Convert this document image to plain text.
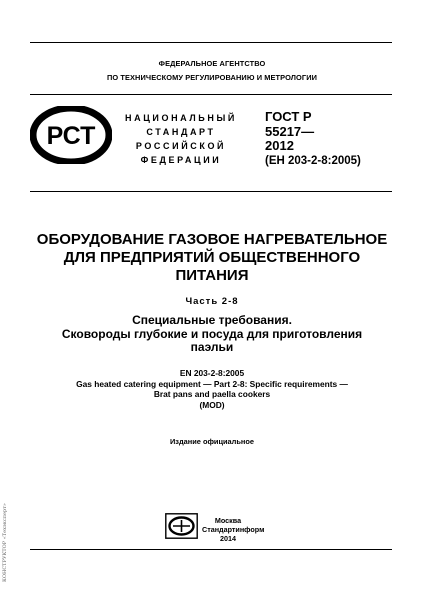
ФЕДЕРАЛЬНОЕ АГЕНТСТВО
ПО ТЕХНИЧЕСКОМУ РЕГУЛИРОВАНИЮ И МЕТРОЛОГИИ
РСТ
НАЦИОНАЛЬНЫЙ
СТАНДАРТ
РОССИЙСКОЙ
ФЕДЕРАЦИИ
ГОСТ Р
55217—
2012
(ЕН 203-2-8:2005)
ОБОРУДОВАНИЕ ГАЗОВОЕ НАГРЕВАТЕЛЬНОЕ
ДЛЯ ПРЕДПРИЯТИЙ ОБЩЕСТВЕННОГО
ПИТАНИЯ
Часть 2-8
Специальные требования.
Сковороды глубокие и посуда для приготовления
паэльи
EN 203-2-8:2005
Gas heated catering equipment — Part 2-8: Specific requirements —
Brat pans and paella cookers
(MOD)
Издание официальное
Москва
Стандартинформ
2014
КОНСТРУКТОР «Техэксперт»
